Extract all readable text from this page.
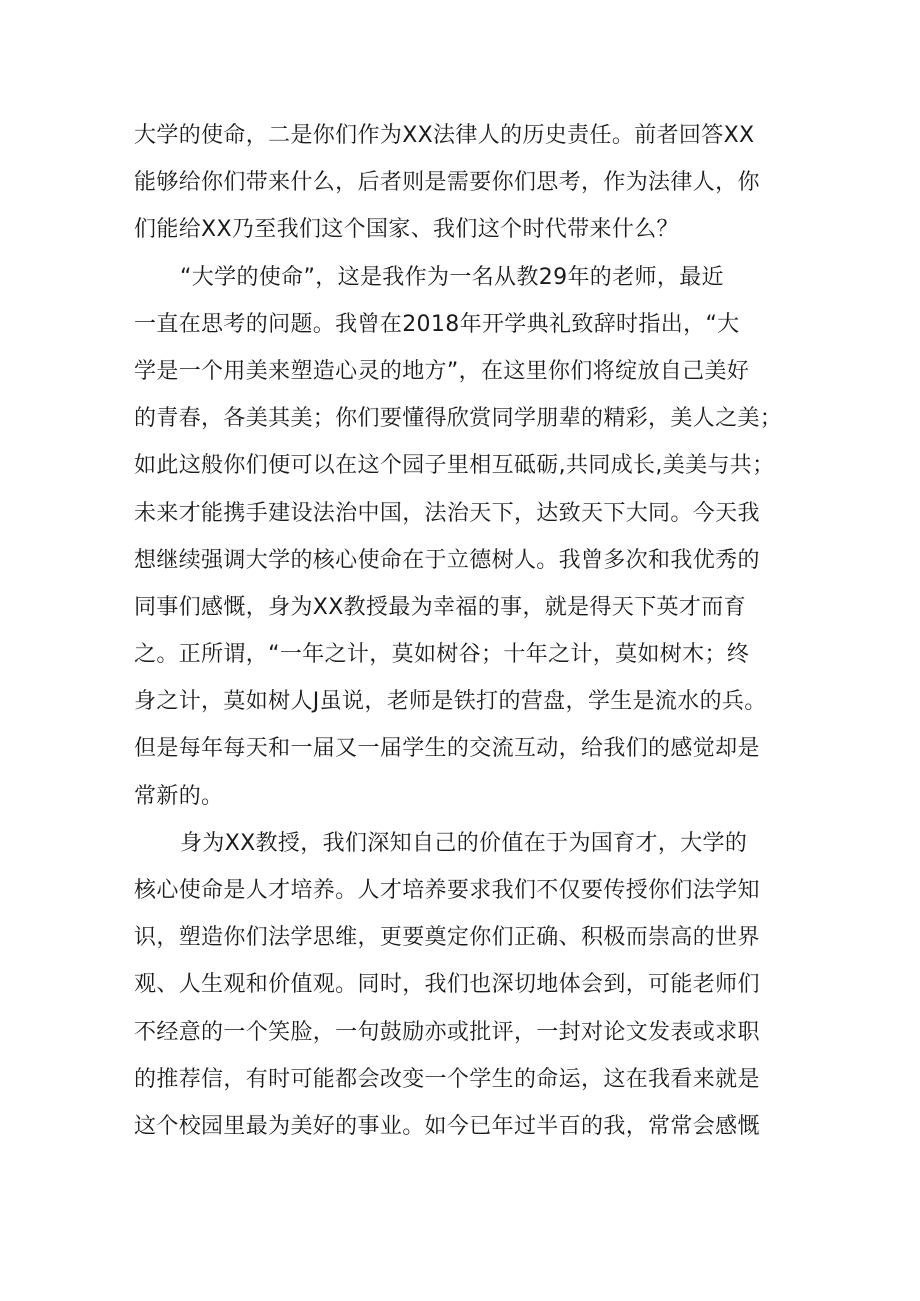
大学的使命，二是你们作为XX法律人的历史责任。前者回答XX
能够给你们带来什么，后者则是需要你们思考，作为法律人，你
们能给XX乃至我们这个国家、我们这个时代带来什么？
“大学的使命”，这是我作为一名从教29年的老师，最近
一直在思考的问题。我曾在2018年开学典礼致辞时指出，“大
学是一个用美来塑造心灵的地方”，在这里你们将绽放自己美好
的青春，各美其美；你们要懂得欣赏同学朋辈的精彩，美人之美；
如此这般你们便可以在这个园子里相互砥砺,共同成长,美美与共；
未来才能携手建设法治中国，法治天下，达致天下大同。今天我
想继续强调大学的核心使命在于立德树人。我曾多次和我优秀的
同事们感慨，身为XX教授最为幸福的事，就是得天下英才而育
之。正所谓，“一年之计，莫如树谷；十年之计，莫如树木；终
身之计，莫如树人J虽说，老师是铁打的营盘，学生是流水的兵。
但是每年每天和一届又一届学生的交流互动，给我们的感觉却是
常新的。
身为XX教授，我们深知自己的价值在于为国育才，大学的
核心使命是人才培养。人才培养要求我们不仅要传授你们法学知
识，塑造你们法学思维，更要奠定你们正确、积极而崇高的世界
观、人生观和价值观。同时，我们也深切地体会到，可能老师们
不经意的一个笑脸，一句鼓励亦或批评，一封对论文发表或求职
的推荐信，有时可能都会改变一个学生的命运，这在我看来就是
这个校园里最为美好的事业。如今已年过半百的我，常常会感慨
